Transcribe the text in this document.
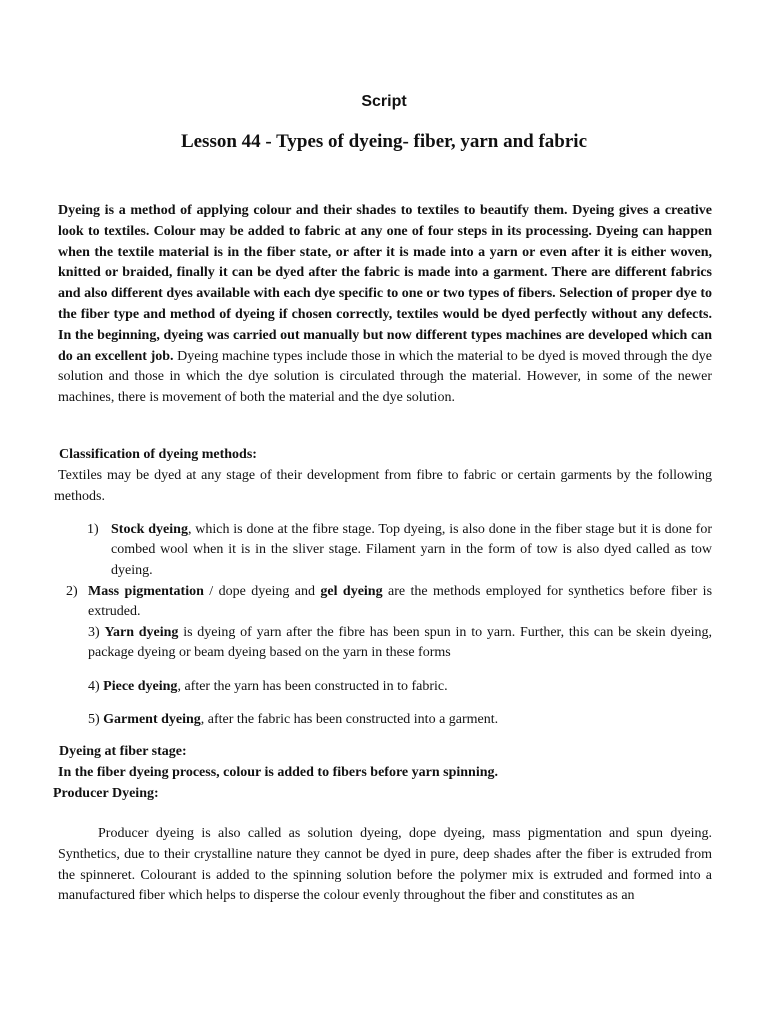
Script
Lesson 44 - Types of dyeing- fiber, yarn and fabric

Dyeing is a method of applying colour and their shades to textiles to beautify them. Dyeing gives a creative look to textiles. Colour may be added to fabric at any one of four steps in its processing. Dyeing can happen when the textile material is in the fiber state, or after it is made into a yarn or even after it is either woven, knitted or braided, finally it can be dyed after the fabric is made into a garment. There are different fabrics and also different dyes available with each dye specific to one or two types of fibers. Selection of proper dye to the fiber type and method of dyeing if chosen correctly, textiles would be dyed perfectly without any defects. In the beginning, dyeing was carried out manually but now different types machines are developed which can do an excellent job. Dyeing machine types include those in which the material to be dyed is moved through the dye solution and those in which the dye solution is circulated through the material. However, in some of the newer machines, there is movement of both the material and the dye solution.

Classification of dyeing methods:

Textiles may be dyed at any stage of their development from fibre to fabric or certain garments by the following methods.

1) Stock dyeing, which is done at the fibre stage. Top dyeing, is also done in the fiber stage but it is done for combed wool when it is in the sliver stage. Filament yarn in the form of tow is also dyed called as tow dyeing.

2) Mass pigmentation / dope dyeing and gel dyeing are the methods employed for synthetics before fiber is extruded.

3) Yarn dyeing is dyeing of yarn after the fibre has been spun in to yarn. Further, this can be skein dyeing, package dyeing or beam dyeing based on the yarn in these forms

4) Piece dyeing, after the yarn has been constructed in to fabric.

5) Garment dyeing, after the fabric has been constructed into a garment.

Dyeing at fiber stage:

In the fiber dyeing process, colour is added to fibers before yarn spinning.

Producer Dyeing:

Producer dyeing is also called as solution dyeing, dope dyeing, mass pigmentation and spun dyeing. Synthetics, due to their crystalline nature they cannot be dyed in pure, deep shades after the fiber is extruded from the spinneret. Colourant is added to the spinning solution before the polymer mix is extruded and formed into a manufactured fiber which helps to disperse the colour evenly throughout the fiber and constitutes as an
